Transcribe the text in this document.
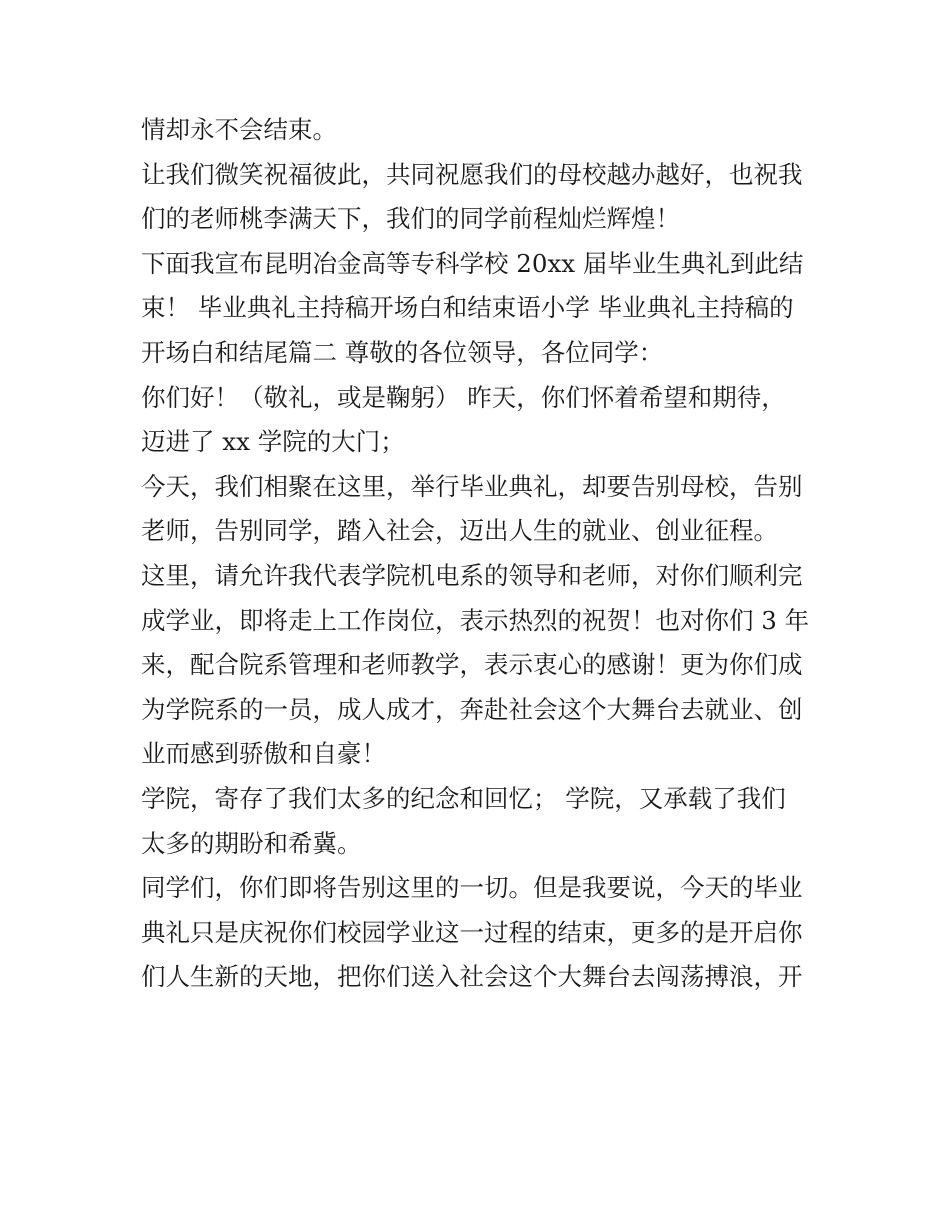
情却永不会结束。
让我们微笑祝福彼此，共同祝愿我们的母校越办越好，也祝我
们的老师桃李满天下，我们的同学前程灿烂辉煌！
下面我宣布昆明冶金高等专科学校 20xx 届毕业生典礼到此结
束！ 毕业典礼主持稿开场白和结束语小学 毕业典礼主持稿的
开场白和结尾篇二 尊敬的各位领导，各位同学：
你们好！（敬礼，或是鞠躬） 昨天，你们怀着希望和期待，
迈进了 xx 学院的大门；
今天，我们相聚在这里，举行毕业典礼，却要告别母校，告别
老师，告别同学，踏入社会，迈出人生的就业、创业征程。
这里，请允许我代表学院机电系的领导和老师，对你们顺利完
成学业，即将走上工作岗位，表示热烈的祝贺！也对你们 3 年
来，配合院系管理和老师教学，表示衷心的感谢！更为你们成
为学院系的一员，成人成才，奔赴社会这个大舞台去就业、创
业而感到骄傲和自豪！
学院，寄存了我们太多的纪念和回忆； 学院，又承载了我们
太多的期盼和希冀。
同学们，你们即将告别这里的一切。但是我要说，今天的毕业
典礼只是庆祝你们校园学业这一过程的结束，更多的是开启你
们人生新的天地，把你们送入社会这个大舞台去闯荡搏浪，开
